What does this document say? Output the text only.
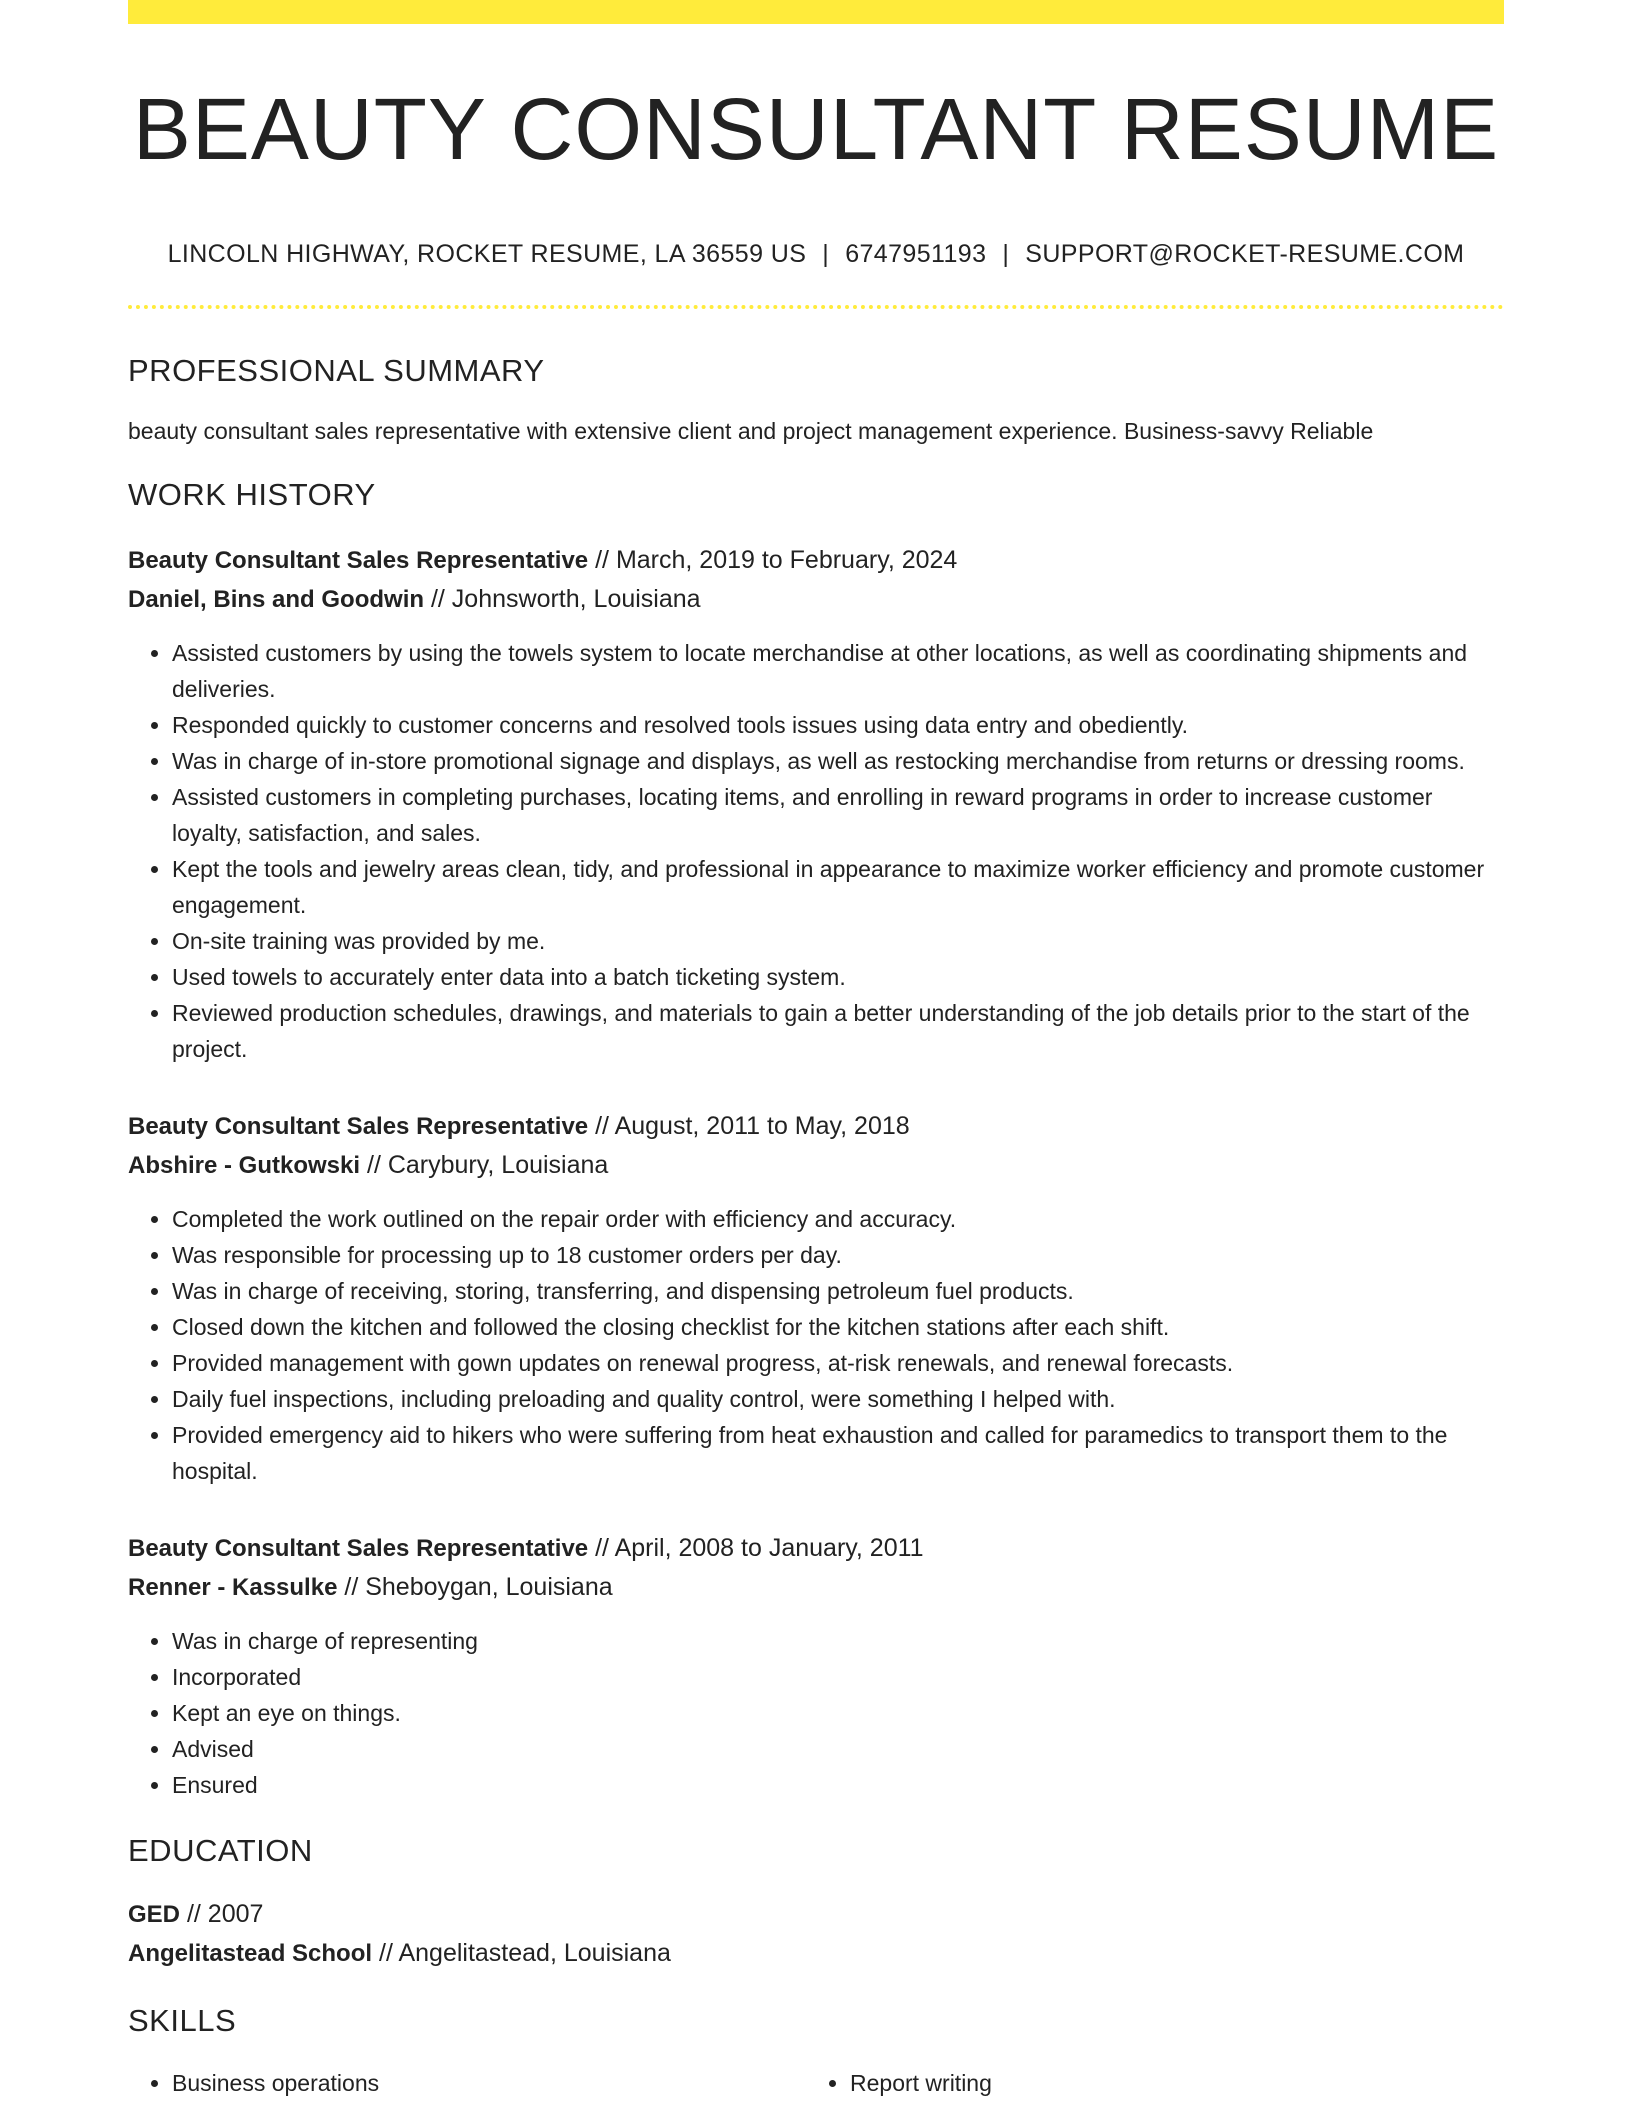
BEAUTY CONSULTANT RESUME
LINCOLN HIGHWAY, ROCKET RESUME, LA 36559 US | 6747951193 | SUPPORT@ROCKET-RESUME.COM
PROFESSIONAL SUMMARY
beauty consultant sales representative with extensive client and project management experience. Business-savvy Reliable
WORK HISTORY
Beauty Consultant Sales Representative // March, 2019 to February, 2024
Daniel, Bins and Goodwin // Johnsworth, Louisiana
• Assisted customers by using the towels system to locate merchandise at other locations, as well as coordinating shipments and deliveries.
• Responded quickly to customer concerns and resolved tools issues using data entry and obediently.
• Was in charge of in-store promotional signage and displays, as well as restocking merchandise from returns or dressing rooms.
• Assisted customers in completing purchases, locating items, and enrolling in reward programs in order to increase customer loyalty, satisfaction, and sales.
• Kept the tools and jewelry areas clean, tidy, and professional in appearance to maximize worker efficiency and promote customer engagement.
• On-site training was provided by me.
• Used towels to accurately enter data into a batch ticketing system.
• Reviewed production schedules, drawings, and materials to gain a better understanding of the job details prior to the start of the project.
Beauty Consultant Sales Representative // August, 2011 to May, 2018
Abshire - Gutkowski // Carybury, Louisiana
• Completed the work outlined on the repair order with efficiency and accuracy.
• Was responsible for processing up to 18 customer orders per day.
• Was in charge of receiving, storing, transferring, and dispensing petroleum fuel products.
• Closed down the kitchen and followed the closing checklist for the kitchen stations after each shift.
• Provided management with gown updates on renewal progress, at-risk renewals, and renewal forecasts.
• Daily fuel inspections, including preloading and quality control, were something I helped with.
• Provided emergency aid to hikers who were suffering from heat exhaustion and called for paramedics to transport them to the hospital.
Beauty Consultant Sales Representative // April, 2008 to January, 2011
Renner - Kassulke // Sheboygan, Louisiana
• Was in charge of representing
• Incorporated
• Kept an eye on things.
• Advised
• Ensured
EDUCATION
GED // 2007
Angelitastead School // Angelitastead, Louisiana
SKILLS
• Business operations
•	Report writing
